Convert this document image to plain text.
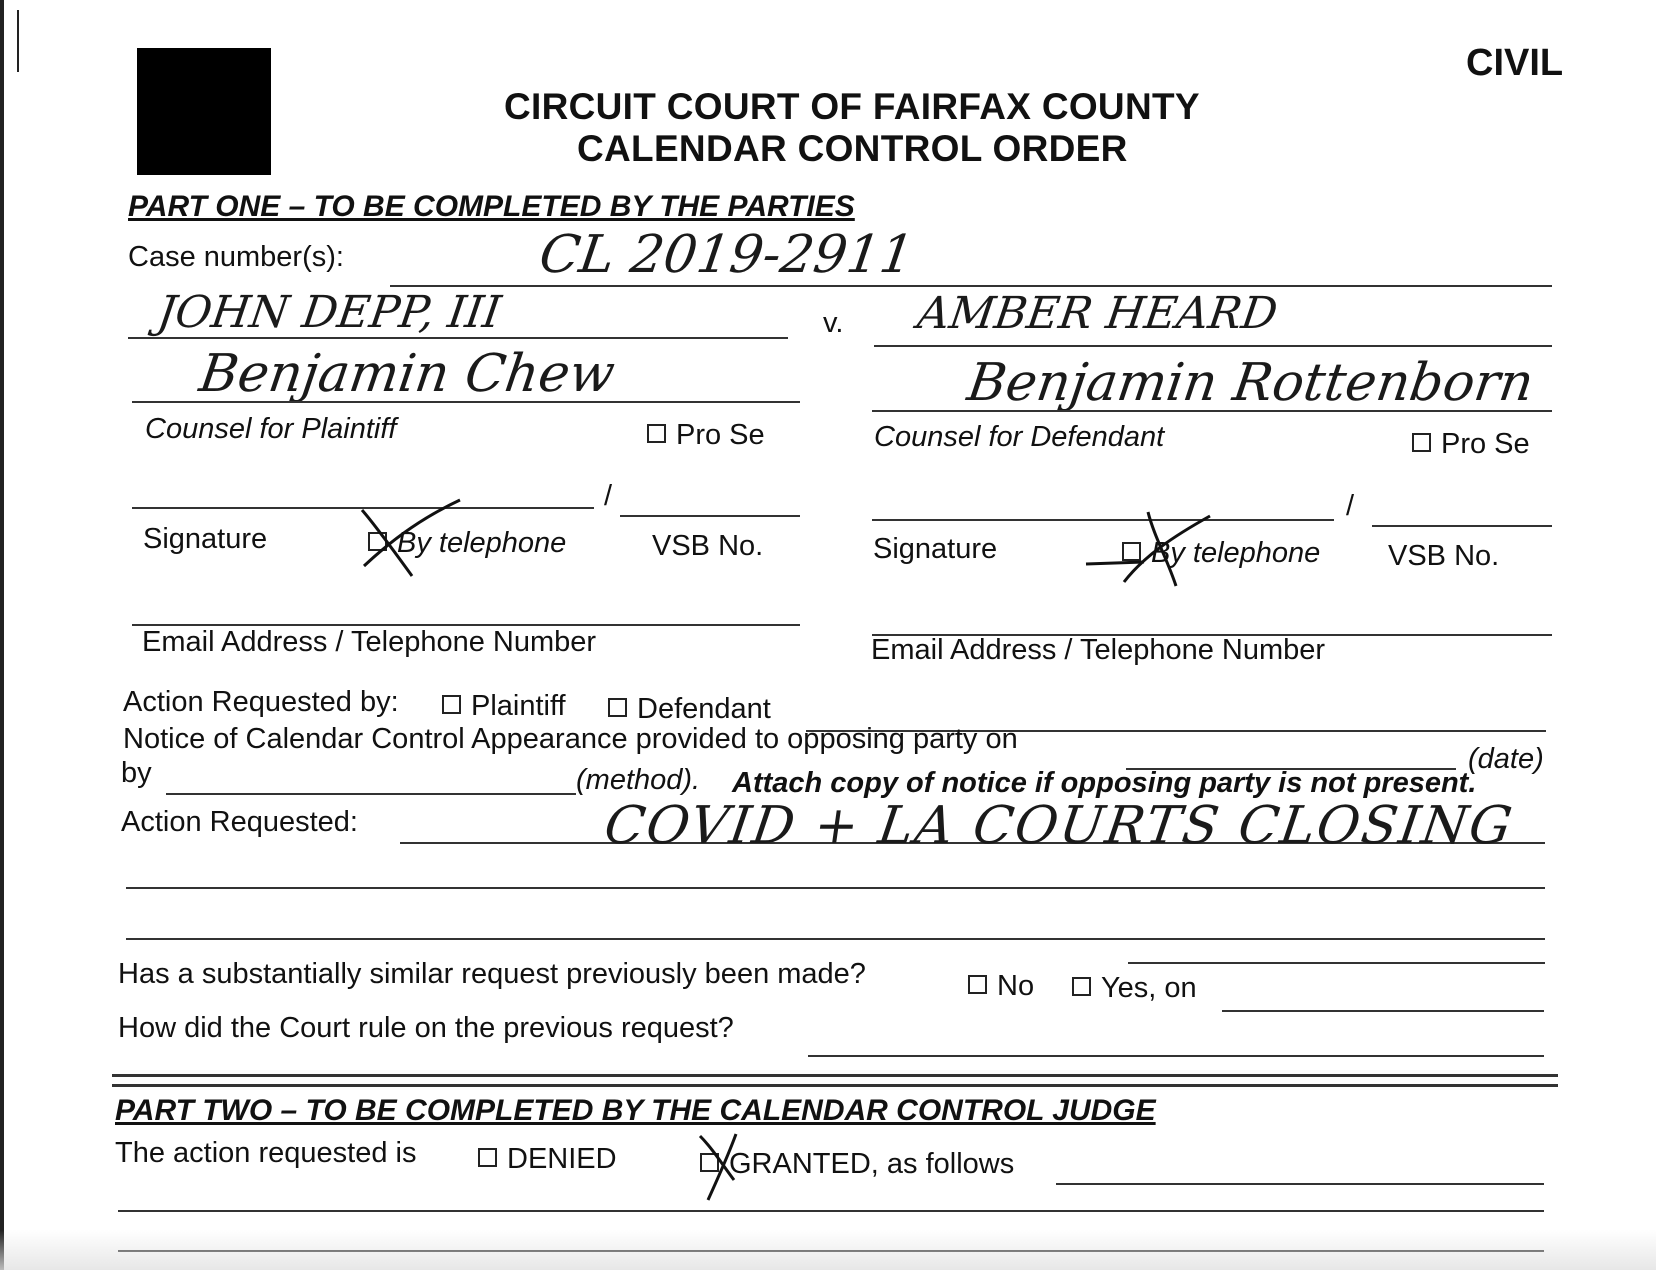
CIVIL
CIRCUIT COURT OF FAIRFAX COUNTY
CALENDAR CONTROL ORDER
PART ONE – TO BE COMPLETED BY THE PARTIES
Case number(s):	CL 2019-2911
JOHN DEPP, III	v. AMBER HEARD
Benjamin Chew	Benjamin Rottenborn
Counsel for Plaintiff	Pro Se	Counsel for Defendant	Pro Se
/	/
Signature	By telephone	VSB No.	Signature	By telephone VSB No.
Email Address / Telephone Number	Email Address / Telephone Number
Action Requested by:	Plaintiff	Defendant
Notice of Calendar Control Appearance provided to opposing party on
(date)
by	(method). Attach copy of notice if opposing party is not present.
Action Requested:	COVID + LA COURTS CLOSING
Has a substantially similar request previously been made?	No	Yes, on
How did the Court rule on the previous request?
PART TWO – TO BE COMPLETED BY THE CALENDAR CONTROL JUDGE
The action requested is	DENIED	GRANTED, as follows
